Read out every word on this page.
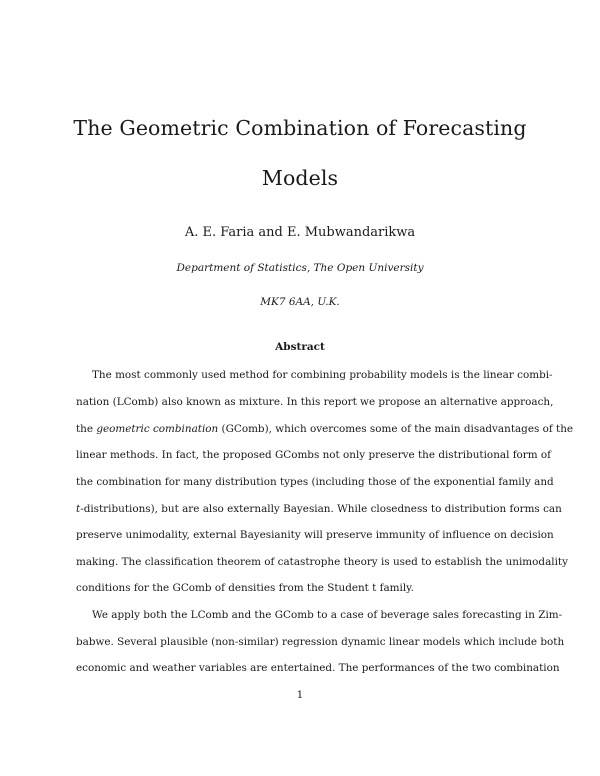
The Geometric Combination of Forecasting
Models
A. E. Faria and E. Mubwandarikwa
Department of Statistics, The Open University
MK7 6AA, U.K.
Abstract
The most commonly used method for combining probability models is the linear combi-
nation (LComb) also known as mixture. In this report we propose an alternative approach,
the geometric combination (GComb), which overcomes some of the main disadvantages of the
linear methods. In fact, the proposed GCombs not only preserve the distributional form of
the combination for many distribution types (including those of the exponential family and
t-distributions), but are also externally Bayesian. While closedness to distribution forms can
preserve unimodality, external Bayesianity will preserve immunity of influence on decision
making. The classification theorem of catastrophe theory is used to establish the unimodality
conditions for the GComb of densities from the Student t family.
We apply both the LComb and the GComb to a case of beverage sales forecasting in Zim-
babwe. Several plausible (non-similar) regression dynamic linear models which include both
economic and weather variables are entertained. The performances of the two combination
1
